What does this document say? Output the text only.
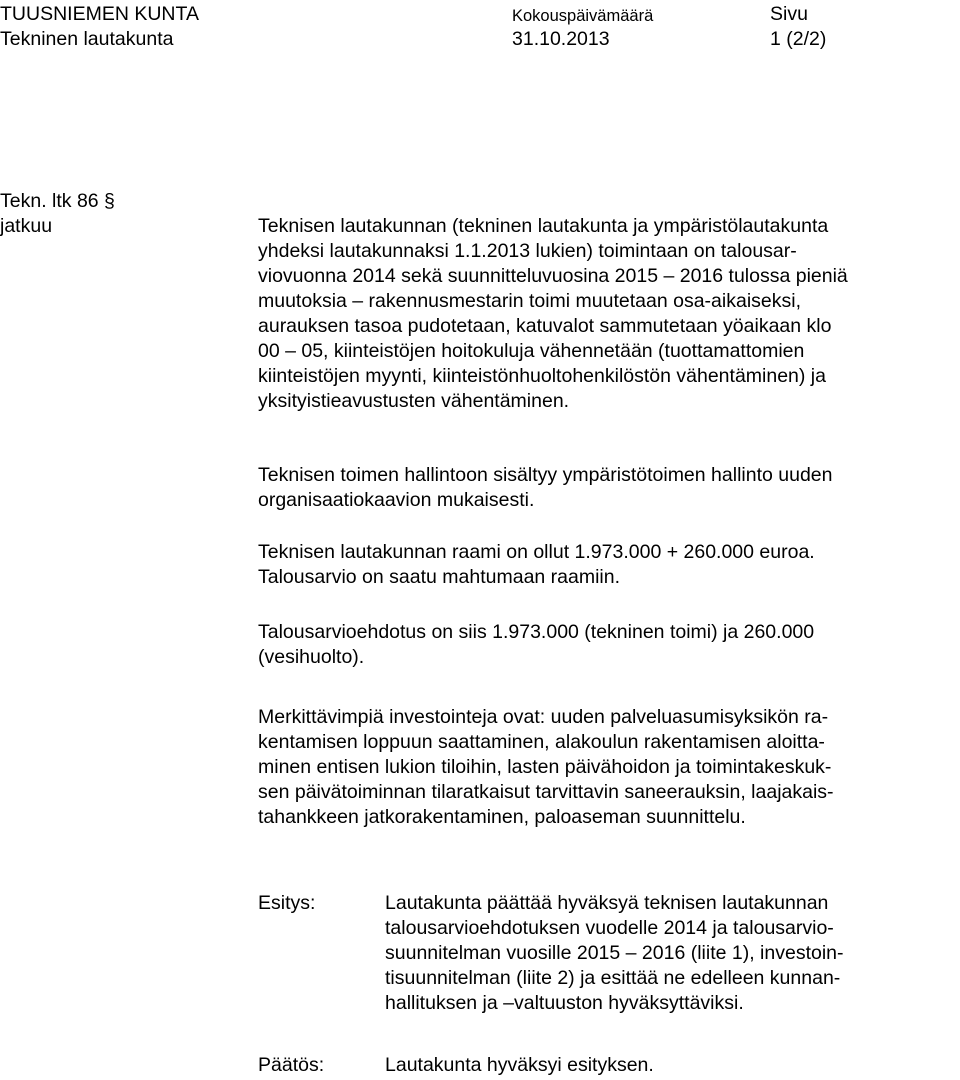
TUUSNIEMEN KUNTA
Tekninen lautakunta
Kokouspäivämäärä
31.10.2013
Sivu
1 (2/2)
Tekn. ltk 86 §
jatkuu	Teknisen lautakunnan (tekninen lautakunta ja ympäristölautakunta
yhdeksi lautakunnaksi 1.1.2013 lukien) toimintaan on talousar-
viovuonna 2014 sekä suunnitteluvuosina 2015 – 2016 tulossa pieniä
muutoksia – rakennusmestarin toimi muutetaan osa-aikaiseksi,
aurauksen tasoa pudotetaan, katuvalot sammutetaan yöaikaan klo
00 – 05, kiinteistöjen hoitokuluja vähennetään (tuottamattomien
kiinteistöjen myynti, kiinteistönhuoltohenkilöstön vähentäminen) ja
yksityistieavustusten vähentäminen.
Teknisen toimen hallintoon sisältyy ympäristötoimen hallinto uuden
organisaatiokaavion mukaisesti.
Teknisen lautakunnan raami on ollut 1.973.000 + 260.000 euroa.
Talousarvio on saatu mahtumaan raamiin.
Talousarvioehdotus on siis 1.973.000 (tekninen toimi) ja 260.000
(vesihuolto).
Merkittävimpiä investointeja ovat: uuden palveluasumisyksikön ra-
kentamisen loppuun saattaminen, alakoulun rakentamisen aloitta-
minen entisen lukion tiloihin, lasten päivähoidon ja toimintakeskuk-
sen päivätoiminnan tilaratkaisut tarvittavin saneerauksin, laajakais-
tahankkeen jatkorakentaminen, paloaseman suunnittelu.
Esitys:	Lautakunta päättää hyväksyä teknisen lautakunnan
talousarvioehdotuksen vuodelle 2014 ja talousarvio-
suunnitelman vuosille 2015 – 2016 (liite 1), investoin-
tisuunnitelman (liite 2) ja esittää ne edelleen kunnan-
hallituksen ja –valtuuston hyväksyttäviksi.
Päätös:	Lautakunta hyväksyi esityksen.
